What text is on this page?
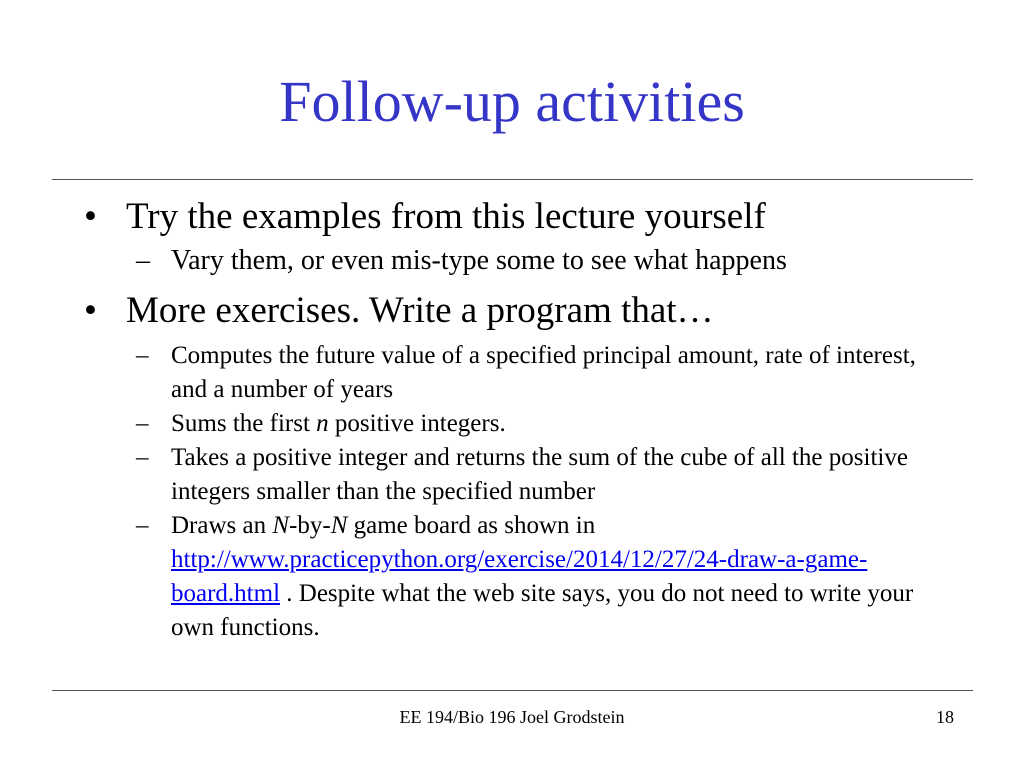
Follow-up activities
• Try the examples from this lecture yourself
– Vary them, or even mis-type some to see what happens
• More exercises. Write a program that…
– Computes the future value of a specified principal amount, rate of interest, and a number of years
– Sums the first n positive integers.
– Takes a positive integer and returns the sum of the cube of all the positive integers smaller than the specified number
– Draws an N-by-N game board as shown in
http://www.practicepython.org/exercise/2014/12/27/24-draw-a-game-board.html . Despite what the web site says, you do not need to write your own functions.
EE 194/Bio 196 Joel Grodstein	18
